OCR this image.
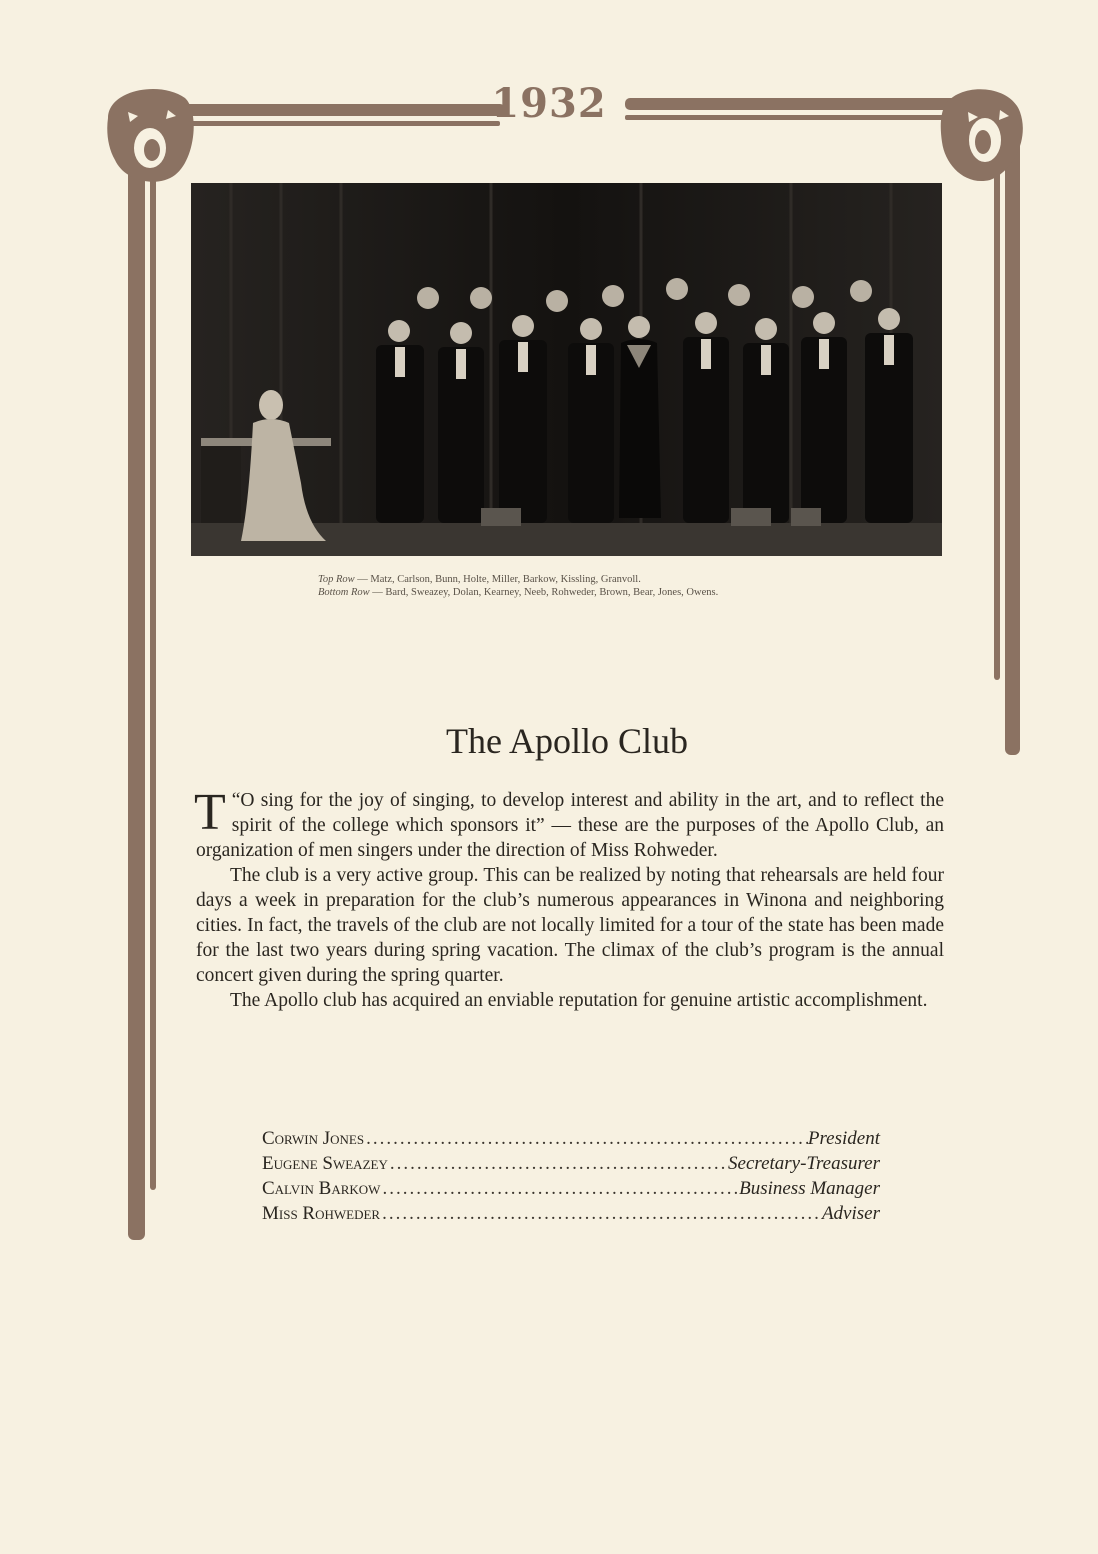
1932
Top Row — Matz, Carlson, Bunn, Holte, Miller, Barkow, Kissling, Granvoll.
Bottom Row — Bard, Sweazey, Dolan, Kearney, Neeb, Rohweder, Brown, Bear, Jones, Owens.
The Apollo Club

“
T O sing for the joy of singing, to develop interest and ability in the art, and to reflect the spirit of the college which sponsors it” — these are the purposes of the Apollo Club, an organization of men singers under the direction of Miss Rohweder.

The club is a very active group. This can be realized by noting that rehearsals are held four days a week in preparation for the club’s numerous appearances in Winona and neighboring cities. In fact, the travels of the club are not locally limited for a tour of the state has been made for the last two years during spring vacation. The climax of the club’s program is the annual concert given during the spring quarter.

The Apollo club has acquired an enviable reputation for genuine artistic accomplishment.

Corwin Jones .....	President
Eugene Sweazey .....	Secretary-Treasurer
Calvin Barkow .....	Business Manager
Miss Rohweder .....	Adviser
